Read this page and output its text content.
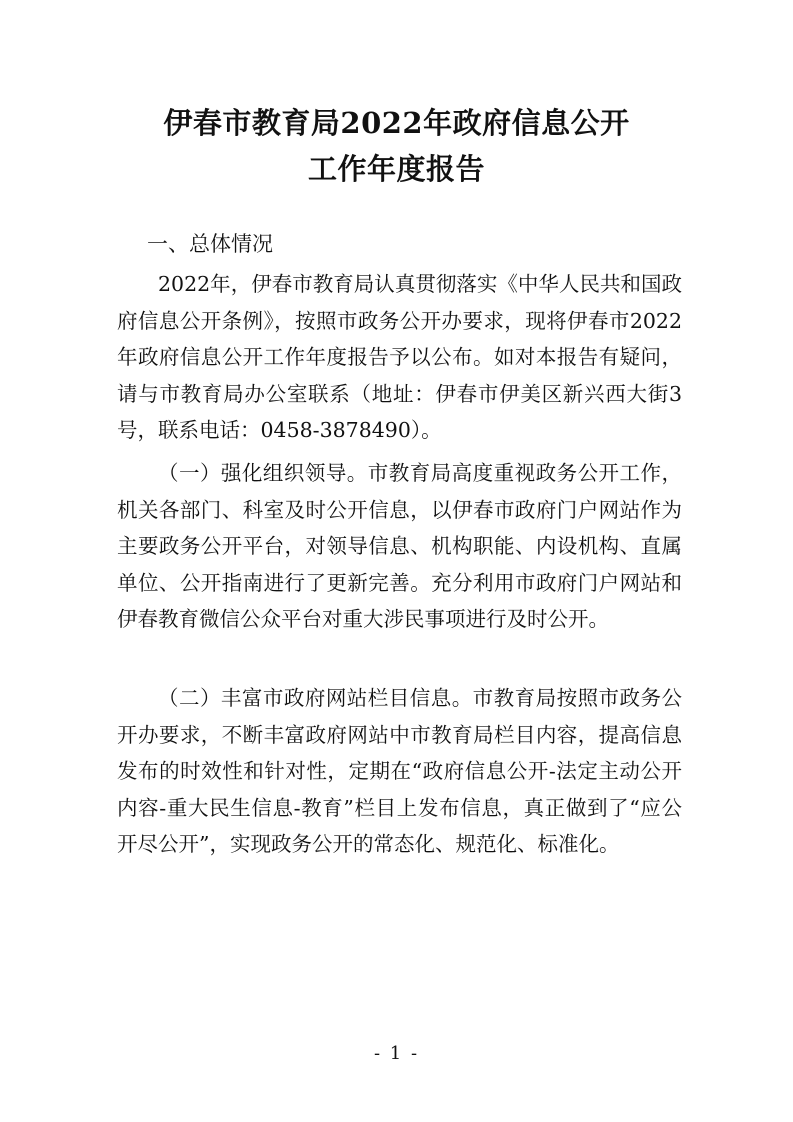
伊春市教育局2022年政府信息公开
工作年度报告
一、总体情况

2022年，伊春市教育局认真贯彻落实《中华人民共和国政府信息公开条例》，按照市政务公开办要求，现将伊春市2022年政府信息公开工作年度报告予以公布。如对本报告有疑问，请与市教育局办公室联系（地址：伊春市伊美区新兴西大街3号，联系电话：0458-3878490）。

（一）强化组织领导。市教育局高度重视政务公开工作，机关各部门、科室及时公开信息，以伊春市政府门户网站作为主要政务公开平台，对领导信息、机构职能、内设机构、直属单位、公开指南进行了更新完善。充分利用市政府门户网站和伊春教育微信公众平台对重大涉民事项进行及时公开。

（二）丰富市政府网站栏目信息。市教育局按照市政务公开办要求，不断丰富政府网站中市教育局栏目内容，提高信息发布的时效性和针对性，定期在“政府信息公开-法定主动公开内容-重大民生信息-教育”栏目上发布信息，真正做到了“应公开尽公开”，实现政务公开的常态化、规范化、标准化。

- 1 -
